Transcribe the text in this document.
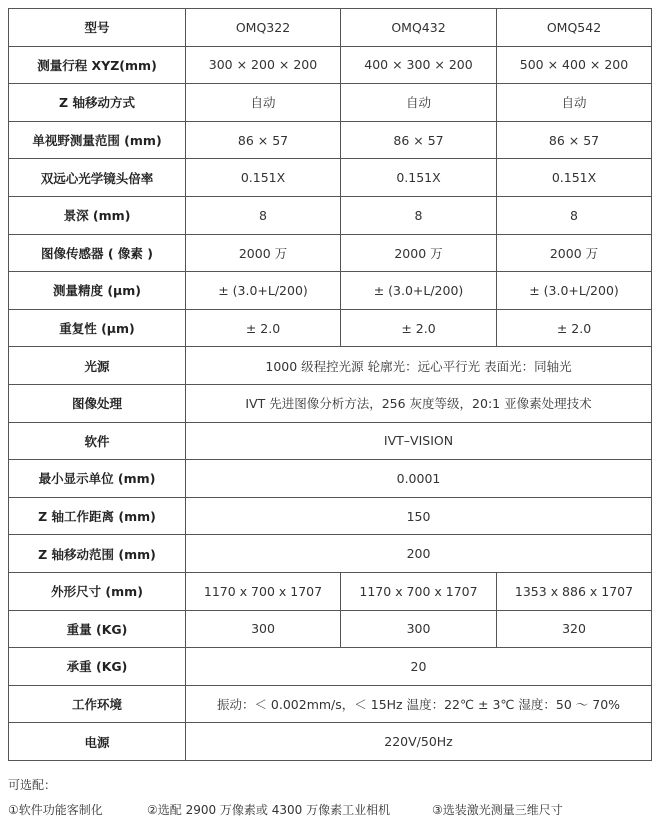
型号	OMQ322	OMQ432	OMQ542
测量行程 XYZ(mm)	300 × 200 × 200	400 × 300 × 200	500 × 400 × 200
Z 轴移动方式	自动	自动	自动
单视野测量范围 (mm)	86 × 57	86 × 57	86 × 57
双远心光学镜头倍率	0.151X	0.151X	0.151X
景深 (mm)	8	8	8
图像传感器 ( 像素 )	2000 万	2000 万	2000 万
测量精度 (μm)	± (3.0+L/200)	± (3.0+L/200)	± (3.0+L/200)
重复性 (μm)	± 2.0	± 2.0	± 2.0
光源	1000 级程控光源 轮廓光：远心平行光 表面光：同轴光		
图像处理	IVT 先进图像分析方法，256 灰度等级，20:1 亚像素处理技术		
软件	IVT–VISION		
最小显示单位 (mm)	0.0001		
Z 轴工作距离 (mm)	150		
Z 轴移动范围 (mm)	200		
外形尺寸 (mm)	1170 x 700 x 1707	1170 x 700 x 1707	1353 x 886 x 1707
重量 (KG)	300	300	320
承重 (KG)	20		
工作环境	振动：＜ 0.002mm/s，＜ 15Hz 温度：22℃ ± 3℃ 湿度：50 ～ 70%		
电源	220V/50Hz		
可选配：
①软件功能客制化	②选配 2900 万像素或 4300 万像素工业相机	③选装激光测量三维尺寸
